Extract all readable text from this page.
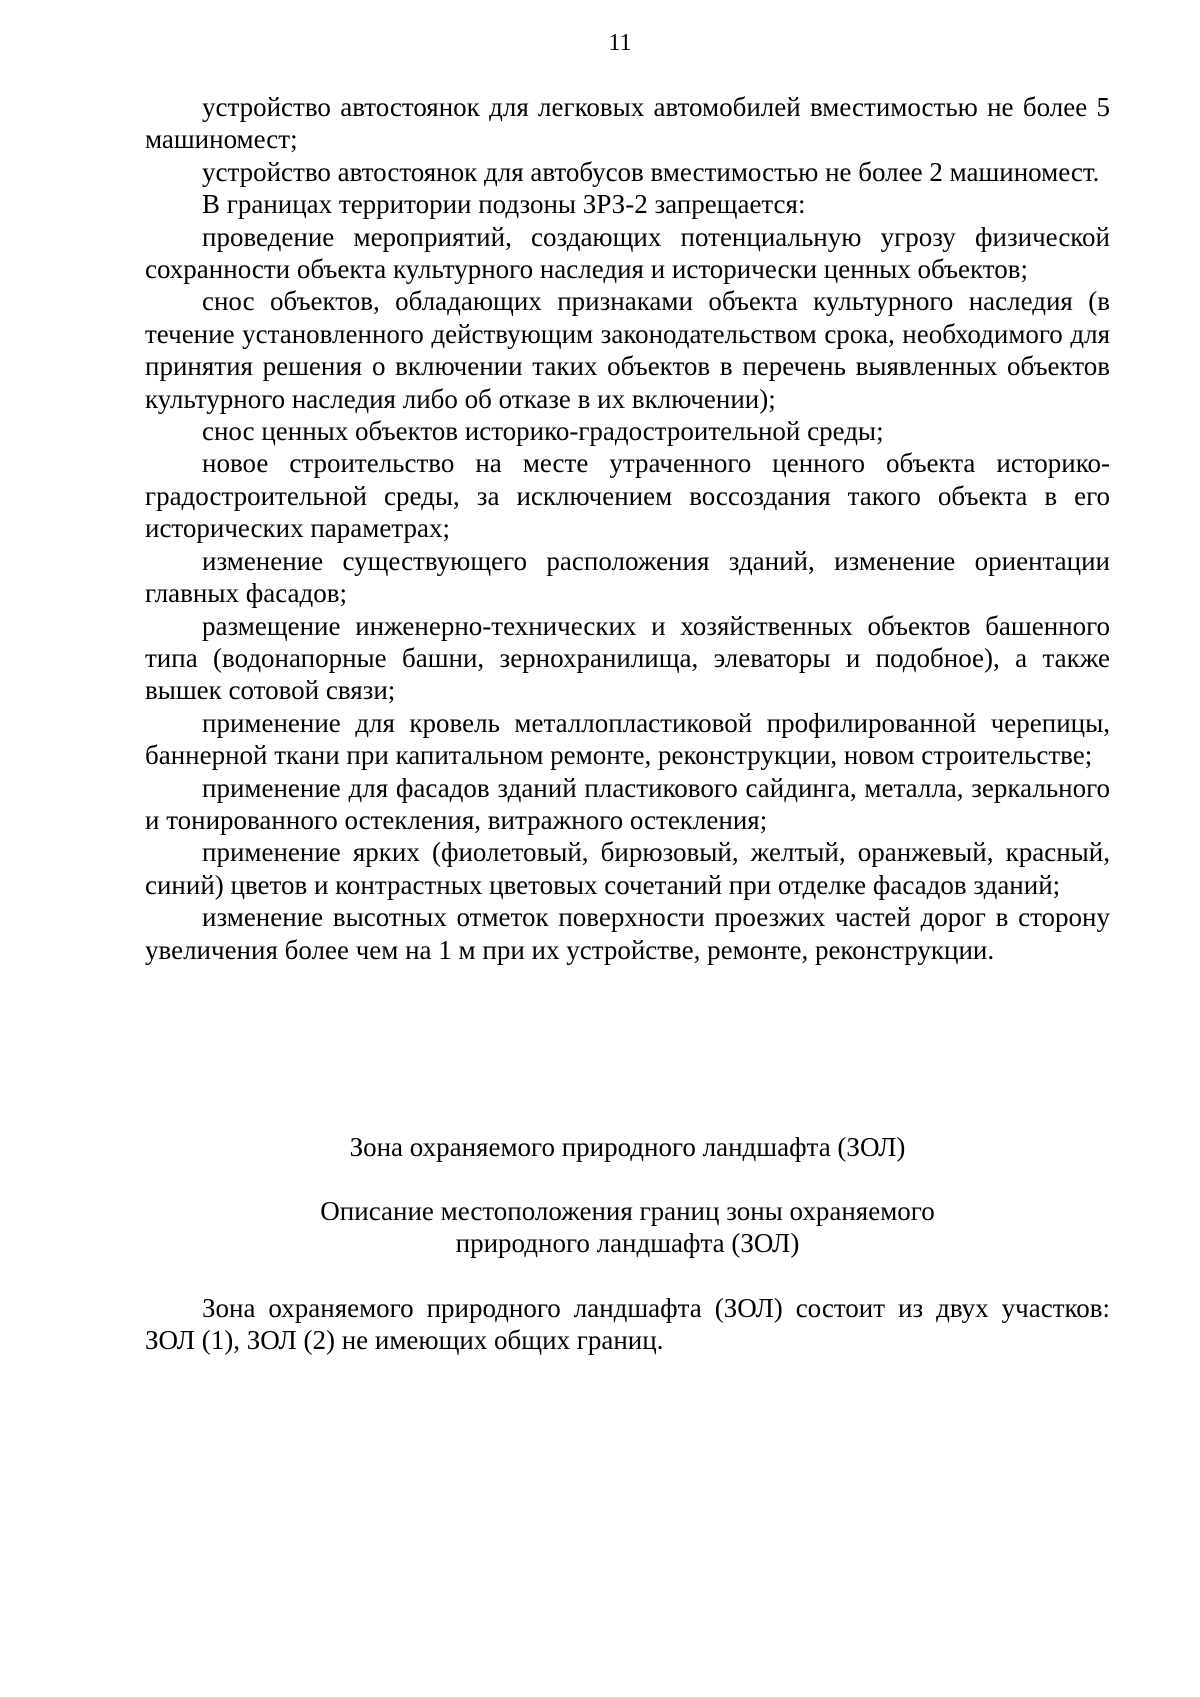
11

устройство автостоянок для легковых автомобилей вместимостью не более 5 машиномест;

устройство автостоянок для автобусов вместимостью не более 2 машиномест.

В границах территории подзоны ЗРЗ-2 запрещается:

проведение мероприятий, создающих потенциальную угрозу физической сохранности объекта культурного наследия и исторически ценных объектов;

снос объектов, обладающих признаками объекта культурного наследия (в течение установленного действующим законодательством срока, необходимого для принятия решения о включении таких объектов в перечень выявленных объектов культурного наследия либо об отказе в их включении);

снос ценных объектов историко-градостроительной среды;

новое строительство на месте утраченного ценного объекта историко-градостроительной среды, за исключением воссоздания такого объекта в его исторических параметрах;

изменение существующего расположения зданий, изменение ориентации главных фасадов;

размещение инженерно-технических и хозяйственных объектов башенного типа (водонапорные башни, зернохранилища, элеваторы и подобное), а также вышек сотовой связи;

применение для кровель металлопластиковой профилированной черепицы, баннерной ткани при капитальном ремонте, реконструкции, новом строительстве;

применение для фасадов зданий пластикового сайдинга, металла, зеркального и тонированного остекления, витражного остекления;

применение ярких (фиолетовый, бирюзовый, желтый, оранжевый, красный, синий) цветов и контрастных цветовых сочетаний при отделке фасадов зданий;

изменение высотных отметок поверхности проезжих частей дорог в сторону увеличения более чем на 1 м при их устройстве, ремонте, реконструкции.

Зона охраняемого природного ландшафта (ЗОЛ)

Описание местоположения границ зоны охраняемого
природного ландшафта (ЗОЛ)

Зона охраняемого природного ландшафта (ЗОЛ) состоит из двух участков: ЗОЛ (1), ЗОЛ (2) не имеющих общих границ.
